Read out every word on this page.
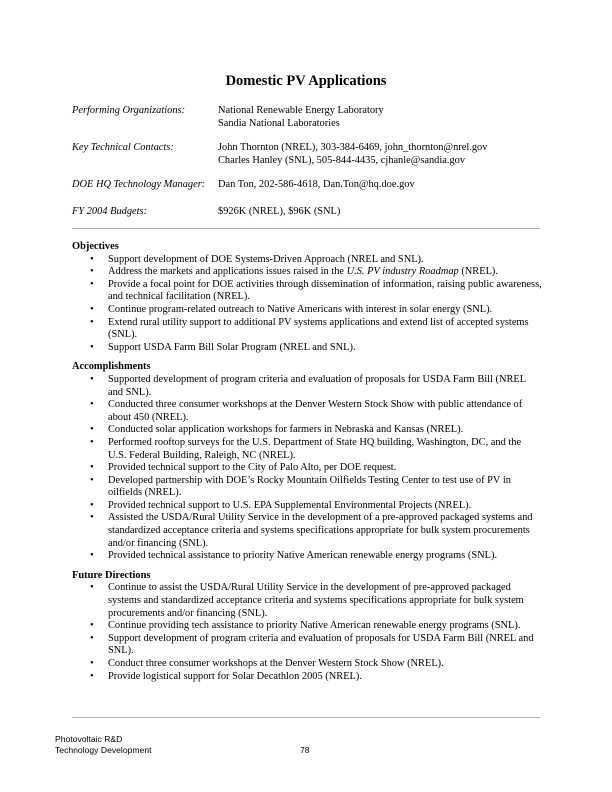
Domestic PV Applications
Performing Organizations:	National Renewable Energy Laboratory
Sandia National Laboratories
Key Technical Contacts:	John Thornton (NREL), 303-384-6469, john_thornton@nrel.gov
Charles Hanley (SNL), 505-844-4435, cjhanle@sandia.gov
DOE HQ Technology Manager: Dan Ton, 202-586-4618, Dan.Ton@hq.doe.gov
FY 2004 Budgets:	$926K (NREL), $96K (SNL)
Objectives
• Support development of DOE Systems-Driven Approach (NREL and SNL).
• Address the markets and applications issues raised in the U.S. PV industry Roadmap (NREL).
• Provide a focal point for DOE activities through dissemination of information, raising public awareness, and technical facilitation (NREL).
• Continue program-related outreach to Native Americans with interest in solar energy (SNL).
• Extend rural utility support to additional PV systems applications and extend list of accepted systems (SNL).
• Support USDA Farm Bill Solar Program (NREL and SNL).
Accomplishments
• Supported development of program criteria and evaluation of proposals for USDA Farm Bill (NREL and SNL).
• Conducted three consumer workshops at the Denver Western Stock Show with public attendance of about 450 (NREL).
• Conducted solar application workshops for farmers in Nebraska and Kansas (NREL).
• Performed rooftop surveys for the U.S. Department of State HQ building, Washington, DC, and the U.S. Federal Building, Raleigh, NC (NREL).
• Provided technical support to the City of Palo Alto, per DOE request.
• Developed partnership with DOE’s Rocky Mountain Oilfields Testing Center to test use of PV in oilfields (NREL).
• Provided technical support to U.S. EPA Supplemental Environmental Projects (NREL).
• Assisted the USDA/Rural Utility Service in the development of a pre-approved packaged systems and standardized acceptance criteria and systems specifications appropriate for bulk system procurements and/or financing (SNL).
• Provided technical assistance to priority Native American renewable energy programs (SNL).
Future Directions
• Continue to assist the USDA/Rural Utility Service in the development of pre-approved packaged systems and standardized acceptance criteria and systems specifications appropriate for bulk system procurements and/or financing (SNL).
• Continue providing tech assistance to priority Native American renewable energy programs (SNL).
• Support development of program criteria and evaluation of proposals for USDA Farm Bill (NREL and SNL).
• Conduct three consumer workshops at the Denver Western Stock Show (NREL).
• Provide logistical support for Solar Decathlon 2005 (NREL).
Photovoltaic R&D
Technology Development	78
